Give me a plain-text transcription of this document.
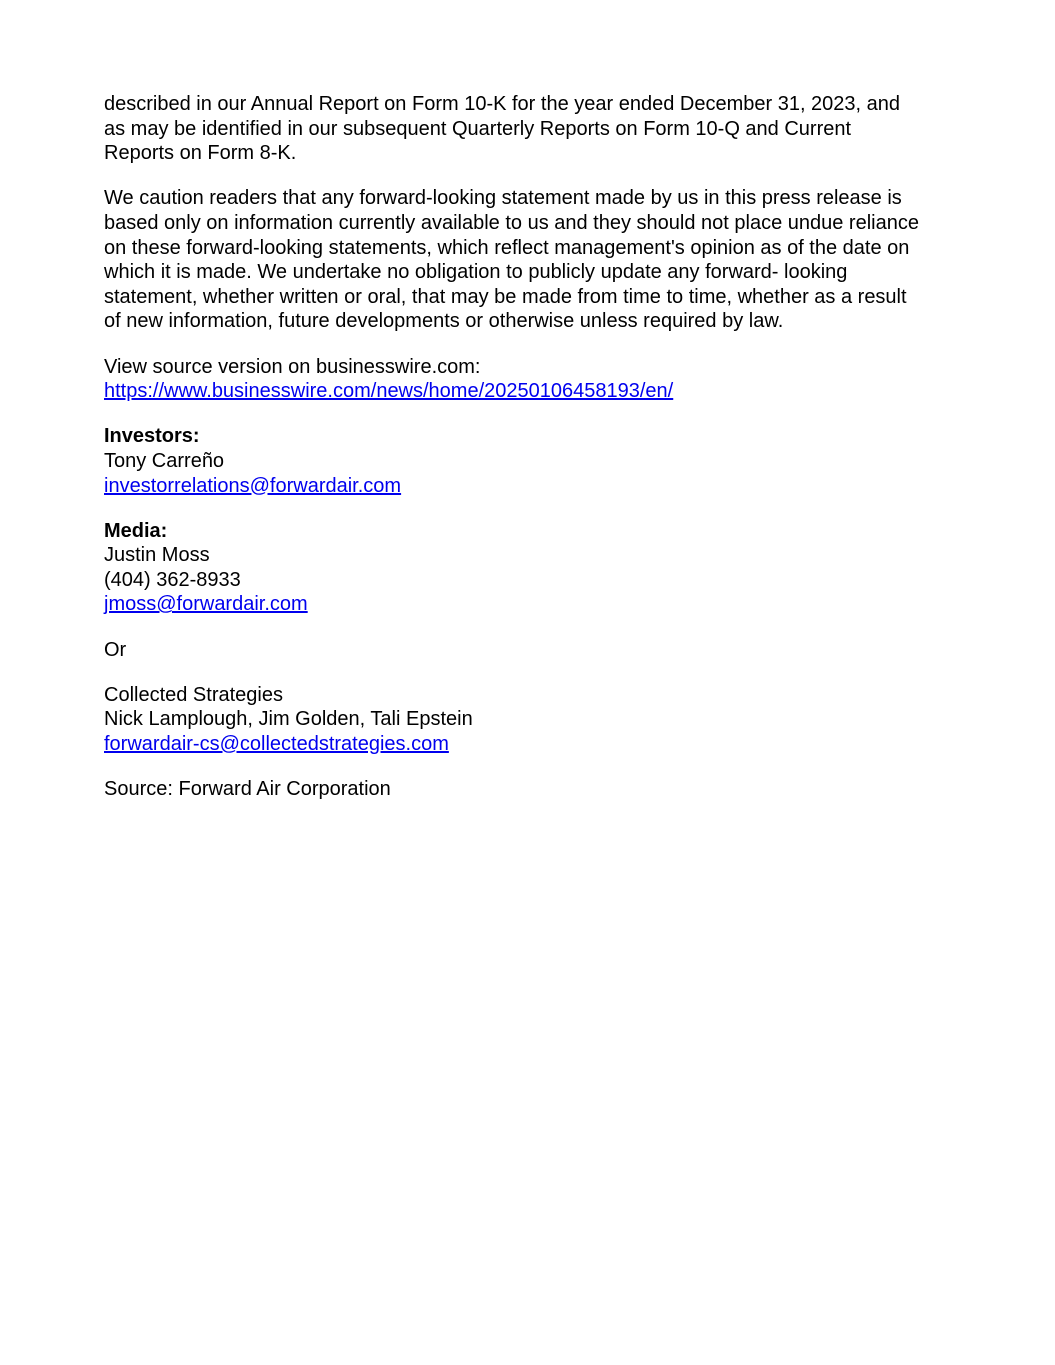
described in our Annual Report on Form 10-K for the year ended December 31, 2023, and
as may be identified in our subsequent Quarterly Reports on Form 10-Q and Current
Reports on Form 8-K.
We caution readers that any forward-looking statement made by us in this press release is
based only on information currently available to us and they should not place undue reliance
on these forward-looking statements, which reflect management's opinion as of the date on
which it is made. We undertake no obligation to publicly update any forward- looking
statement, whether written or oral, that may be made from time to time, whether as a result
of new information, future developments or otherwise unless required by law.
View source version on businesswire.com:
https://www.businesswire.com/news/home/20250106458193/en/
Investors:
Tony Carreño
investorrelations@forwardair.com
Media:
Justin Moss
(404) 362-8933
jmoss@forwardair.com
Or
Collected Strategies
Nick Lamplough, Jim Golden, Tali Epstein
forwardair-cs@collectedstrategies.com
Source: Forward Air Corporation
